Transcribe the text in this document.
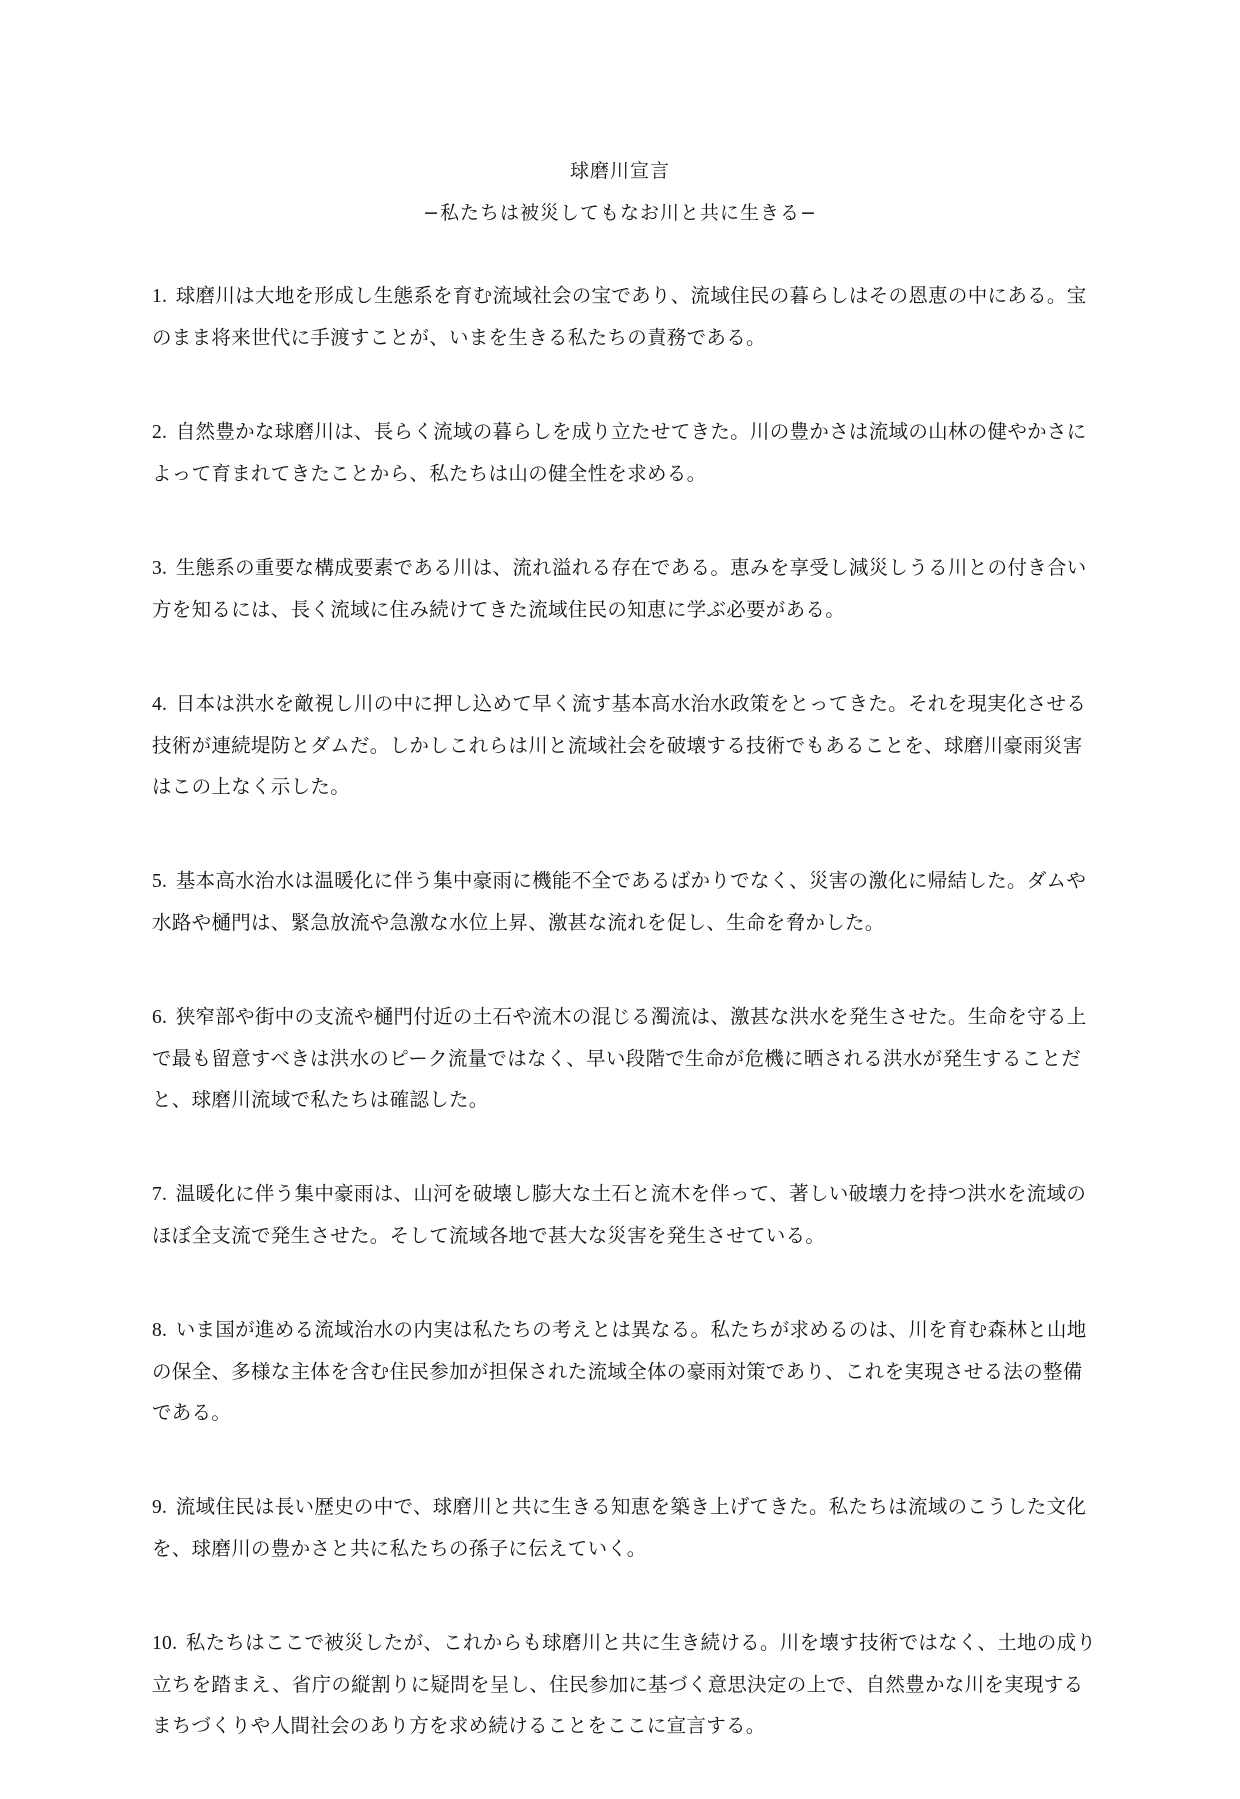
球磨川宣言
−私たちは被災してもなお川と共に生きる−

1. 球磨川は大地を形成し生態系を育む流域社会の宝であり、流域住民の暮らしはその恩恵の中にある。宝のまま将来世代に手渡すことが、いまを生きる私たちの責務である。

2. 自然豊かな球磨川は、長らく流域の暮らしを成り立たせてきた。川の豊かさは流域の山林の健やかさによって育まれてきたことから、私たちは山の健全性を求める。

3. 生態系の重要な構成要素である川は、流れ溢れる存在である。恵みを享受し減災しうる川との付き合い方を知るには、長く流域に住み続けてきた流域住民の知恵に学ぶ必要がある。

4. 日本は洪水を敵視し川の中に押し込めて早く流す基本高水治水政策をとってきた。それを現実化させる技術が連続堤防とダムだ。しかしこれらは川と流域社会を破壊する技術でもあることを、球磨川豪雨災害はこの上なく示した。

5. 基本高水治水は温暖化に伴う集中豪雨に機能不全であるばかりでなく、災害の激化に帰結した。ダムや水路や樋門は、緊急放流や急激な水位上昇、激甚な流れを促し、生命を脅かした。

6. 狭窄部や街中の支流や樋門付近の土石や流木の混じる濁流は、激甚な洪水を発生させた。生命を守る上で最も留意すべきは洪水のピーク流量ではなく、早い段階で生命が危機に晒される洪水が発生することだと、球磨川流域で私たちは確認した。

7. 温暖化に伴う集中豪雨は、山河を破壊し膨大な土石と流木を伴って、著しい破壊力を持つ洪水を流域のほぼ全支流で発生させた。そして流域各地で甚大な災害を発生させている。

8. いま国が進める流域治水の内実は私たちの考えとは異なる。私たちが求めるのは、川を育む森林と山地の保全、多様な主体を含む住民参加が担保された流域全体の豪雨対策であり、これを実現させる法の整備である。

9. 流域住民は長い歴史の中で、球磨川と共に生きる知恵を築き上げてきた。私たちは流域のこうした文化を、球磨川の豊かさと共に私たちの孫子に伝えていく。

10. 私たちはここで被災したが、これからも球磨川と共に生き続ける。川を壊す技術ではなく、土地の成り立ちを踏まえ、省庁の縦割りに疑問を呈し、住民参加に基づく意思決定の上で、自然豊かな川を実現するまちづくりや人間社会のあり方を求め続けることをここに宣言する。
